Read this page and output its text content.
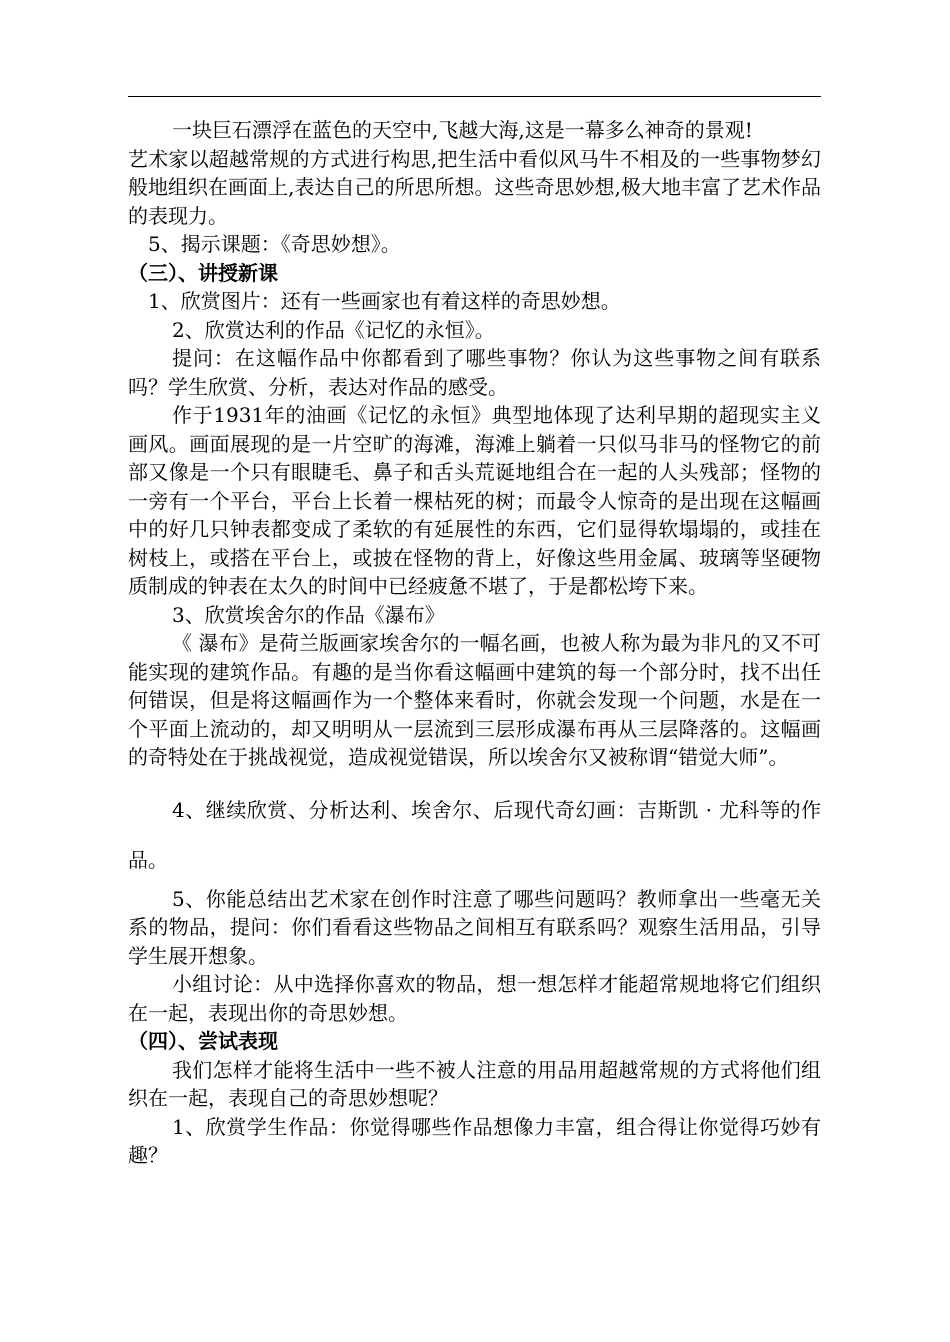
一块巨石漂浮在蓝色的天空中,飞越大海,这是一幕多么神奇的景观!

艺术家以超越常规的方式进行构思,把生活中看似风马牛不相及的一些事物梦幻般地组织在画面上,表达自己的所思所想。这些奇思妙想,极大地丰富了艺术作品的表现力。

5、揭示课题：《奇思妙想》。

（三）、讲授新课

1、欣赏图片：还有一些画家也有着这样的奇思妙想。

2、欣赏达利的作品《记忆的永恒》。

提问：在这幅作品中你都看到了哪些事物？你认为这些事物之间有联系吗？学生欣赏、分析，表达对作品的感受。

作于1931年的油画《记忆的永恒》典型地体现了达利早期的超现实主义画风。画面展现的是一片空旷的海滩，海滩上躺着一只似马非马的怪物它的前部又像是一个只有眼睫毛、鼻子和舌头荒诞地组合在一起的人头残部；怪物的一旁有一个平台，平台上长着一棵枯死的树；而最令人惊奇的是出现在这幅画中的好几只钟表都变成了柔软的有延展性的东西，它们显得软塌塌的，或挂在树枝上，或搭在平台上，或披在怪物的背上，好像这些用金属、玻璃等坚硬物质制成的钟表在太久的时间中已经疲惫不堪了，于是都松垮下来。

3、欣赏埃舍尔的作品《瀑布》

《 瀑布》是荷兰版画家埃舍尔的一幅名画，也被人称为最为非凡的又不可能实现的建筑作品。有趣的是当你看这幅画中建筑的每一个部分时，找不出任何错误，但是将这幅画作为一个整体来看时，你就会发现一个问题，水是在一个平面上流动的，却又明明从一层流到三层形成瀑布再从三层降落的。这幅画的奇特处在于挑战视觉，造成视觉错误，所以埃舍尔又被称谓“错觉大师”。

4、继续欣赏、分析达利、埃舍尔、后现代奇幻画：吉斯凯 · 尤科等的作品。

5、你能总结出艺术家在创作时注意了哪些问题吗？教师拿出一些毫无关系的物品，提问：你们看看这些物品之间相互有联系吗？观察生活用品，引导学生展开想象。

小组讨论：从中选择你喜欢的物品，想一想怎样才能超常规地将它们组织在一起，表现出你的奇思妙想。

（四）、尝试表现

我们怎样才能将生活中一些不被人注意的用品用超越常规的方式将他们组织在一起，表现自己的奇思妙想呢？

1、欣赏学生作品：你觉得哪些作品想像力丰富，组合得让你觉得巧妙有趣？
